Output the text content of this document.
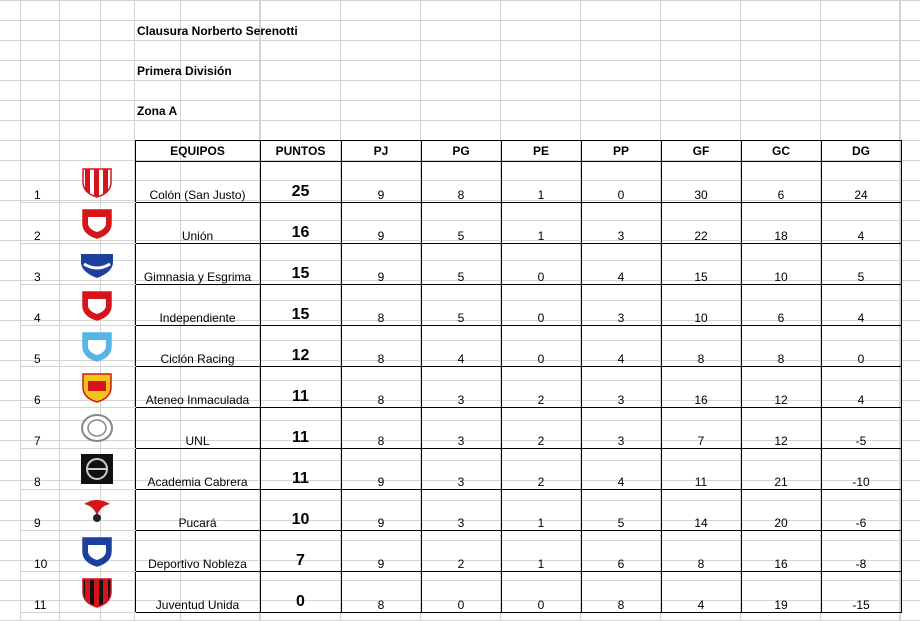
Clausura Norberto Serenotti
Primera División
Zona A
		EQUIPOS	PUNTOS	PJ	PG	PE	PP	GF	GC	DG
1		Colón (San Justo)	25	9	8	1	0	30	6	24
2		Unión	16	9	5	1	3	22	18	4
3		Gimnasia y Esgrima	15	9	5	0	4	15	10	5
4		Independiente	15	8	5	0	3	10	6	4
5		Ciclón Racing	12	8	4	0	4	8	8	0
6		Ateneo Inmaculada	11	8	3	2	3	16	12	4
7		UNL	11	8	3	2	3	7	12	-5
8		Academia Cabrera	11	9	3	2	4	11	21	-10
9		Pucará	10	9	3	1	5	14	20	-6
10		Deportivo Nobleza	7	9	2	1	6	8	16	-8
11		Juventud Unida	0	8	0	0	8	4	19	-15
